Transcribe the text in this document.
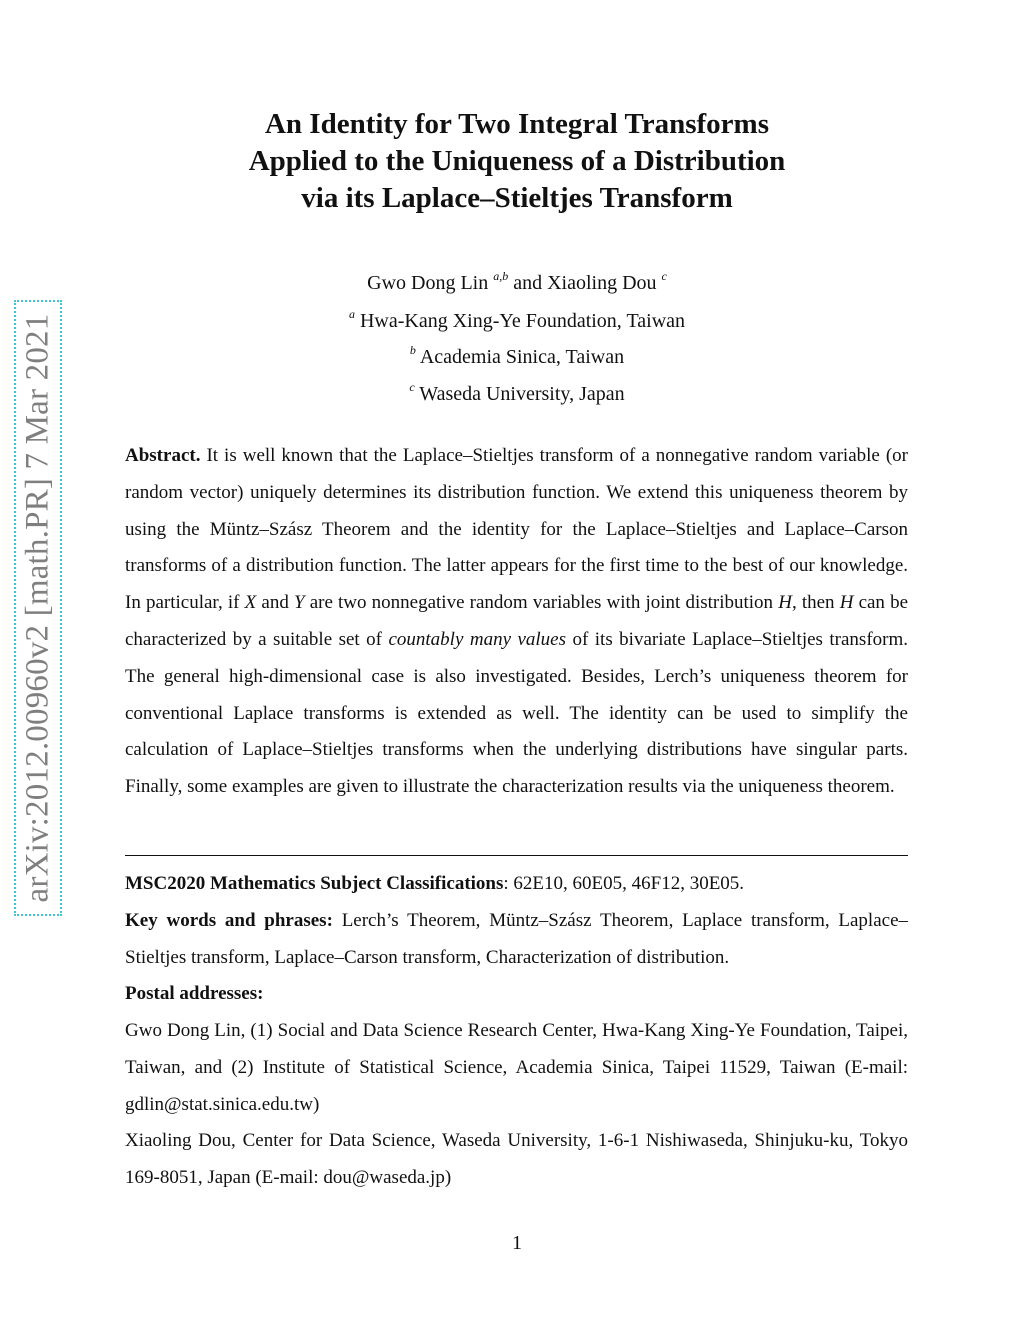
arXiv:2012.00960v2 [math.PR] 7 Mar 2021
An Identity for Two Integral Transforms
Applied to the Uniqueness of a Distribution
via its Laplace–Stieltjes Transform
Gwo Dong Lin $^{a,b}$ and Xiaoling Dou $^c$
$^a$ Hwa-Kang Xing-Ye Foundation, Taiwan
$^b$ Academia Sinica, Taiwan
$^c$ Waseda University, Japan

Abstract. It is well known that the Laplace–Stieltjes transform of a nonnegative random variable (or random vector) uniquely determines its distribution function. We extend this uniqueness theorem by using the Müntz–Szász Theorem and the identity for the Laplace–Stieltjes and Laplace–Carson transforms of a distribution function. The latter appears for the first time to the best of our knowledge. In particular, if X and Y are two nonnegative random variables with joint distribution H, then H can be characterized by a suitable set of countably many values of its bivariate Laplace–Stieltjes transform. The general high-dimensional case is also investigated. Besides, Lerch’s uniqueness theorem for conventional Laplace transforms is extended as well. The identity can be used to simplify the calculation of Laplace–Stieltjes transforms when the underlying distributions have singular parts. Finally, some examples are given to illustrate the characterization results via the uniqueness theorem.

MSC2020 Mathematics Subject Classifications: 62E10, 60E05, 46F12, 30E05.

Key words and phrases: Lerch’s Theorem, Müntz–Szász Theorem, Laplace transform, Laplace–Stieltjes transform, Laplace–Carson transform, Characterization of distribution.

Postal addresses:

Gwo Dong Lin, (1) Social and Data Science Research Center, Hwa-Kang Xing-Ye Foundation, Taipei, Taiwan, and (2) Institute of Statistical Science, Academia Sinica, Taipei 11529, Taiwan (E-mail: gdlin@stat.sinica.edu.tw)

Xiaoling Dou, Center for Data Science, Waseda University, 1-6-1 Nishiwaseda, Shinjuku-ku, Tokyo 169-8051, Japan (E-mail: dou@waseda.jp)

1
